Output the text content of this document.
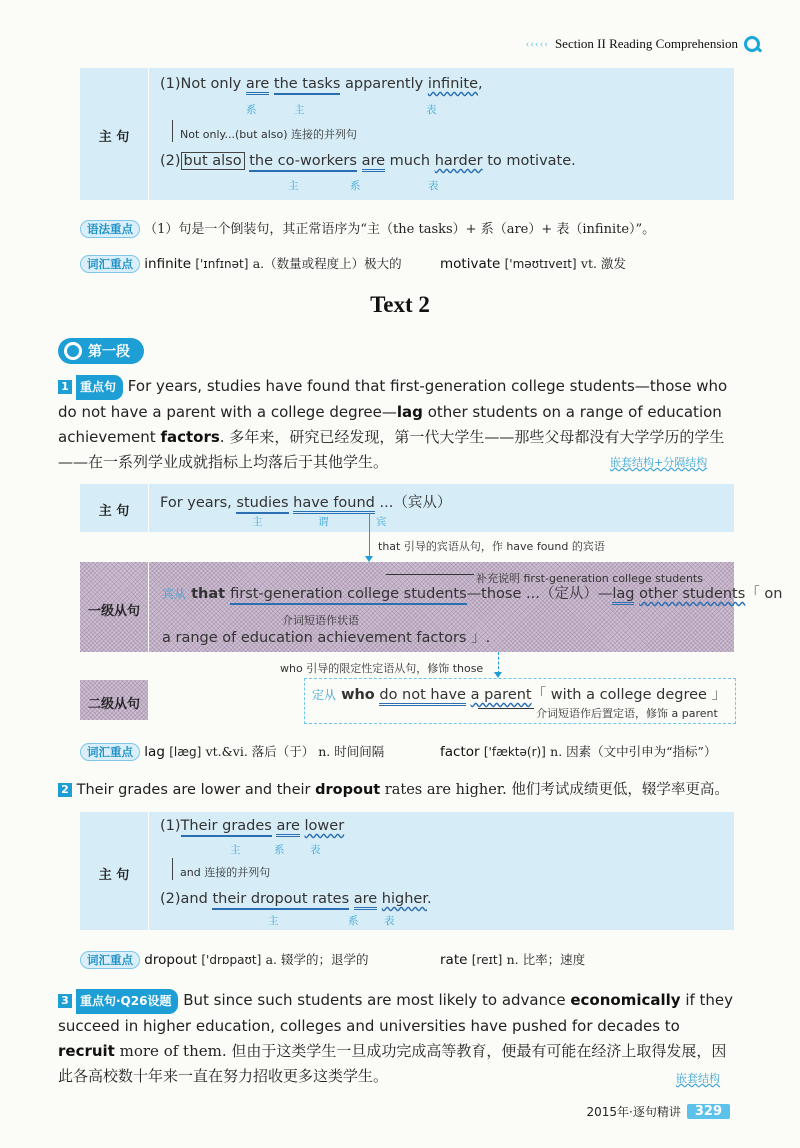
‹‹‹‹‹ Section II Reading Comprehension
主 句
(1)Not only are the tasks apparently infinite,
系	主	表
Not only...(but also) 连接的并列句
(2) but also the co-workers are much harder to motivate.
主	系	表
语法重点 （1）句是一个倒装句，其正常语序为“主（the tasks）+ 系（are）+ 表（infinite）”。
词汇重点 infinite ['ɪnfɪnət] a.（数量或程度上）极大的	motivate ['məʊtɪveɪt] vt. 激发
Text 2
第一段
1 重点句 For years, studies have found that first-generation college students—those who do not have a parent with a college degree—lag other students on a range of education achievement factors. 多年来，研究已经发现，第一代大学生——那些父母都没有大学学历的学生——在一系列学业成就指标上均落后于其他学生。	嵌套结构+分隔结构
主 句
For years, studies have found ...（宾从）
主	谓	宾
that 引导的宾语从句，作 have found 的宾语
一级从句
补充说明 first-generation college students
宾从 that first-generation college students—those ...（定从）—lag other students「 on
介词短语作状语
a range of education achievement factors 」.
who 引导的限定性定语从句，修饰 those
二级从句
定从 who do not have a parent「 with a college degree 」
介词短语作后置定语，修饰 a parent
词汇重点 lag [læg] vt.&vi. 落后（于） n. 时间间隔	factor ['fæktə(r)] n. 因素（文中引申为“指标”）
2 Their grades are lower and their dropout rates are higher. 他们考试成绩更低，辍学率更高。
主 句
(1)Their grades are lower
主	系 表
and 连接的并列句
(2)and their dropout rates are higher.
主	系 表
词汇重点 dropout ['drɒpaʊt] a. 辍学的；退学的	rate [reɪt] n. 比率；速度
3 重点句·Q26设题 But since such students are most likely to advance economically if they succeed in higher education, colleges and universities have pushed for decades to recruit more of them. 但由于这类学生一旦成功完成高等教育，便最有可能在经济上取得发展，因此各高校数十年来一直在努力招收更多这类学生。	嵌套结构
2015年·逐句精讲	329
